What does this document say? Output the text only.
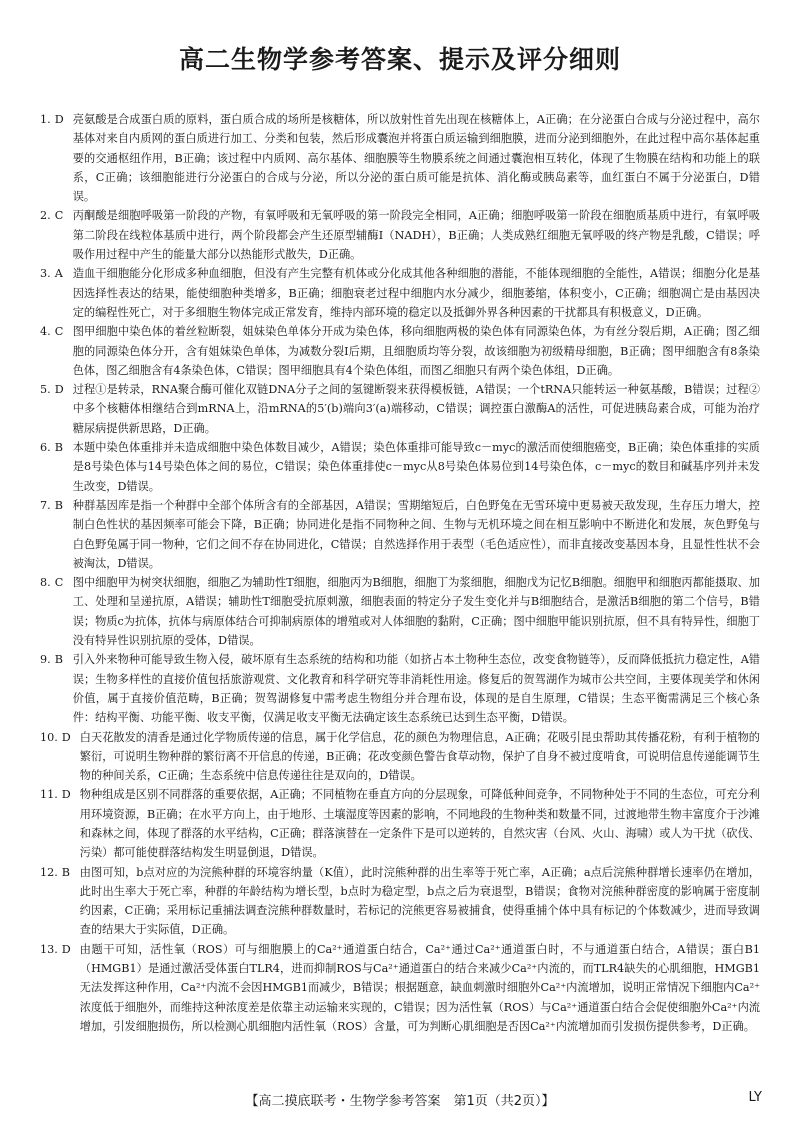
高二生物学参考答案、提示及评分细则

1. D 亮氨酸是合成蛋白质的原料，蛋白质合成的场所是核糖体，所以放射性首先出现在核糖体上，A正确；在分泌蛋白合成与分泌过程中，高尔基体对来自内质网的蛋白质进行加工、分类和包装，然后形成囊泡并将蛋白质运输到细胞膜，进而分泌到细胞外，在此过程中高尔基体起重要的交通枢纽作用，B正确；该过程中内质网、高尔基体、细胞膜等生物膜系统之间通过囊泡相互转化，体现了生物膜在结构和功能上的联系，C正确；该细胞能进行分泌蛋白的合成与分泌，所以分泌的蛋白质可能是抗体、消化酶或胰岛素等，血红蛋白不属于分泌蛋白，D错误。

2. C 丙酮酸是细胞呼吸第一阶段的产物，有氧呼吸和无氧呼吸的第一阶段完全相同，A正确；细胞呼吸第一阶段在细胞质基质中进行，有氧呼吸第二阶段在线粒体基质中进行，两个阶段都会产生还原型辅酶Ⅰ（NADH），B正确；人类成熟红细胞无氧呼吸的终产物是乳酸，C错误；呼吸作用过程中产生的能量大部分以热能形式散失，D正确。

3. A 造血干细胞能分化形成多种血细胞，但没有产生完整有机体或分化成其他各种细胞的潜能，不能体现细胞的全能性，A错误；细胞分化是基因选择性表达的结果，能使细胞种类增多，B正确；细胞衰老过程中细胞内水分减少，细胞萎缩，体积变小，C正确；细胞凋亡是由基因决定的编程性死亡，对于多细胞生物体完成正常发育，维持内部环境的稳定以及抵御外界各种因素的干扰都具有积极意义，D正确。

4. C 图甲细胞中染色体的着丝粒断裂，姐妹染色单体分开成为染色体，移向细胞两极的染色体有同源染色体，为有丝分裂后期，A正确；图乙细胞的同源染色体分开，含有姐妹染色单体，为减数分裂Ⅰ后期，且细胞质均等分裂，故该细胞为初级精母细胞，B正确；图甲细胞含有8条染色体，图乙细胞含有4条染色体，C错误；图甲细胞具有4个染色体组，而图乙细胞只有两个染色体组，D正确。

5. D 过程①是转录，RNA聚合酶可催化双链DNA分子之间的氢键断裂来获得模板链，A错误；一个tRNA只能转运一种氨基酸，B错误；过程②中多个核糖体相继结合到mRNA上，沿mRNA的5′(b)端向3′(a)端移动，C错误；调控蛋白激酶A的活性，可促进胰岛素合成，可能为治疗糖尿病提供新思路，D正确。

6. B 本题中染色体重排并未造成细胞中染色体数目减少，A错误；染色体重排可能导致c－myc的激活而使细胞癌变，B正确；染色体重排的实质是8号染色体与14号染色体之间的易位，C错误；染色体重排使c－myc从8号染色体易位到14号染色体，c－myc的数目和碱基序列并未发生改变，D错误。

7. B 种群基因库是指一个种群中全部个体所含有的全部基因，A错误；雪期缩短后，白色野兔在无雪环境中更易被天敌发现，生存压力增大，控制白色性状的基因频率可能会下降，B正确；协同进化是指不同物种之间、生物与无机环境之间在相互影响中不断进化和发展，灰色野兔与白色野兔属于同一物种，它们之间不存在协同进化，C错误；自然选择作用于表型（毛色适应性），而非直接改变基因本身，且显性性状不会被淘汰，D错误。

8. C 图中细胞甲为树突状细胞，细胞乙为辅助性T细胞，细胞丙为B细胞，细胞丁为浆细胞，细胞戊为记忆B细胞。细胞甲和细胞丙都能摄取、加工、处理和呈递抗原，A错误；辅助性T细胞受抗原刺激，细胞表面的特定分子发生变化并与B细胞结合，是激活B细胞的第二个信号，B错误；物质c为抗体，抗体与病原体结合可抑制病原体的增殖或对人体细胞的黏附，C正确；图中细胞甲能识别抗原，但不具有特异性，细胞丁没有特异性识别抗原的受体，D错误。

9. B 引入外来物种可能导致生物入侵，破坏原有生态系统的结构和功能（如挤占本土物种生态位，改变食物链等），反而降低抵抗力稳定性，A错误；生物多样性的直接价值包括旅游观赏、文化教育和科学研究等非消耗性用途。修复后的贺驾湖作为城市公共空间，主要体现美学和休闲价值，属于直接价值范畴，B正确；贺驾湖修复中需考虑生物组分并合理布设，体现的是自生原理，C错误；生态平衡需满足三个核心条件：结构平衡、功能平衡、收支平衡，仅满足收支平衡无法确定该生态系统已达到生态平衡，D错误。

10. D 白天花散发的清香是通过化学物质传递的信息，属于化学信息，花的颜色为物理信息，A正确；花吸引昆虫帮助其传播花粉，有利于植物的繁衍，可说明生物种群的繁衍离不开信息的传递，B正确；花改变颜色警告食草动物，保护了自身不被过度啃食，可说明信息传递能调节生物的种间关系，C正确；生态系统中信息传递往往是双向的，D错误。

11. D 物种组成是区别不同群落的重要依据，A正确；不同植物在垂直方向的分层现象，可降低种间竞争，不同物种处于不同的生态位，可充分利用环境资源，B正确；在水平方向上，由于地形、土壤湿度等因素的影响，不同地段的生物种类和数量不同，过渡地带生物丰富度介于沙滩和森林之间，体现了群落的水平结构，C正确；群落演替在一定条件下是可以逆转的，自然灾害（台风、火山、海啸）或人为干扰（砍伐、污染）都可能使群落结构发生明显倒退，D错误。

12. B 由图可知，b点对应的为浣熊种群的环境容纳量（K值），此时浣熊种群的出生率等于死亡率，A正确；a点后浣熊种群增长速率仍在增加，此时出生率大于死亡率，种群的年龄结构为增长型，b点时为稳定型，b点之后为衰退型，B错误；食物对浣熊种群密度的影响属于密度制约因素，C正确；采用标记重捕法调查浣熊种群数量时，若标记的浣熊更容易被捕食，使得重捕个体中具有标记的个体数减少，进而导致调查的结果大于实际值，D正确。

13. D 由题干可知，活性氧（ROS）可与细胞膜上的Ca²⁺通道蛋白结合，Ca²⁺通过Ca²⁺通道蛋白时，不与通道蛋白结合，A错误；蛋白B1（HMGB1）是通过激活受体蛋白TLR4，进而抑制ROS与Ca²⁺通道蛋白的结合来减少Ca²⁺内流的，而TLR4缺失的心肌细胞，HMGB1无法发挥这种作用，Ca²⁺内流不会因HMGB1而减少，B错误；根据题意，缺血刺激时细胞外Ca²⁺内流增加，说明正常情况下细胞内Ca²⁺浓度低于细胞外，而维持这种浓度差是依靠主动运输来实现的，C错误；因为活性氧（ROS）与Ca²⁺通道蛋白结合会促使细胞外Ca²⁺内流增加，引发细胞损伤，所以检测心肌细胞内活性氧（ROS）含量，可为判断心肌细胞是否因Ca²⁺内流增加而引发损伤提供参考，D正确。

【高二摸底联考・生物学参考答案　第1页（共2页）】	LY
